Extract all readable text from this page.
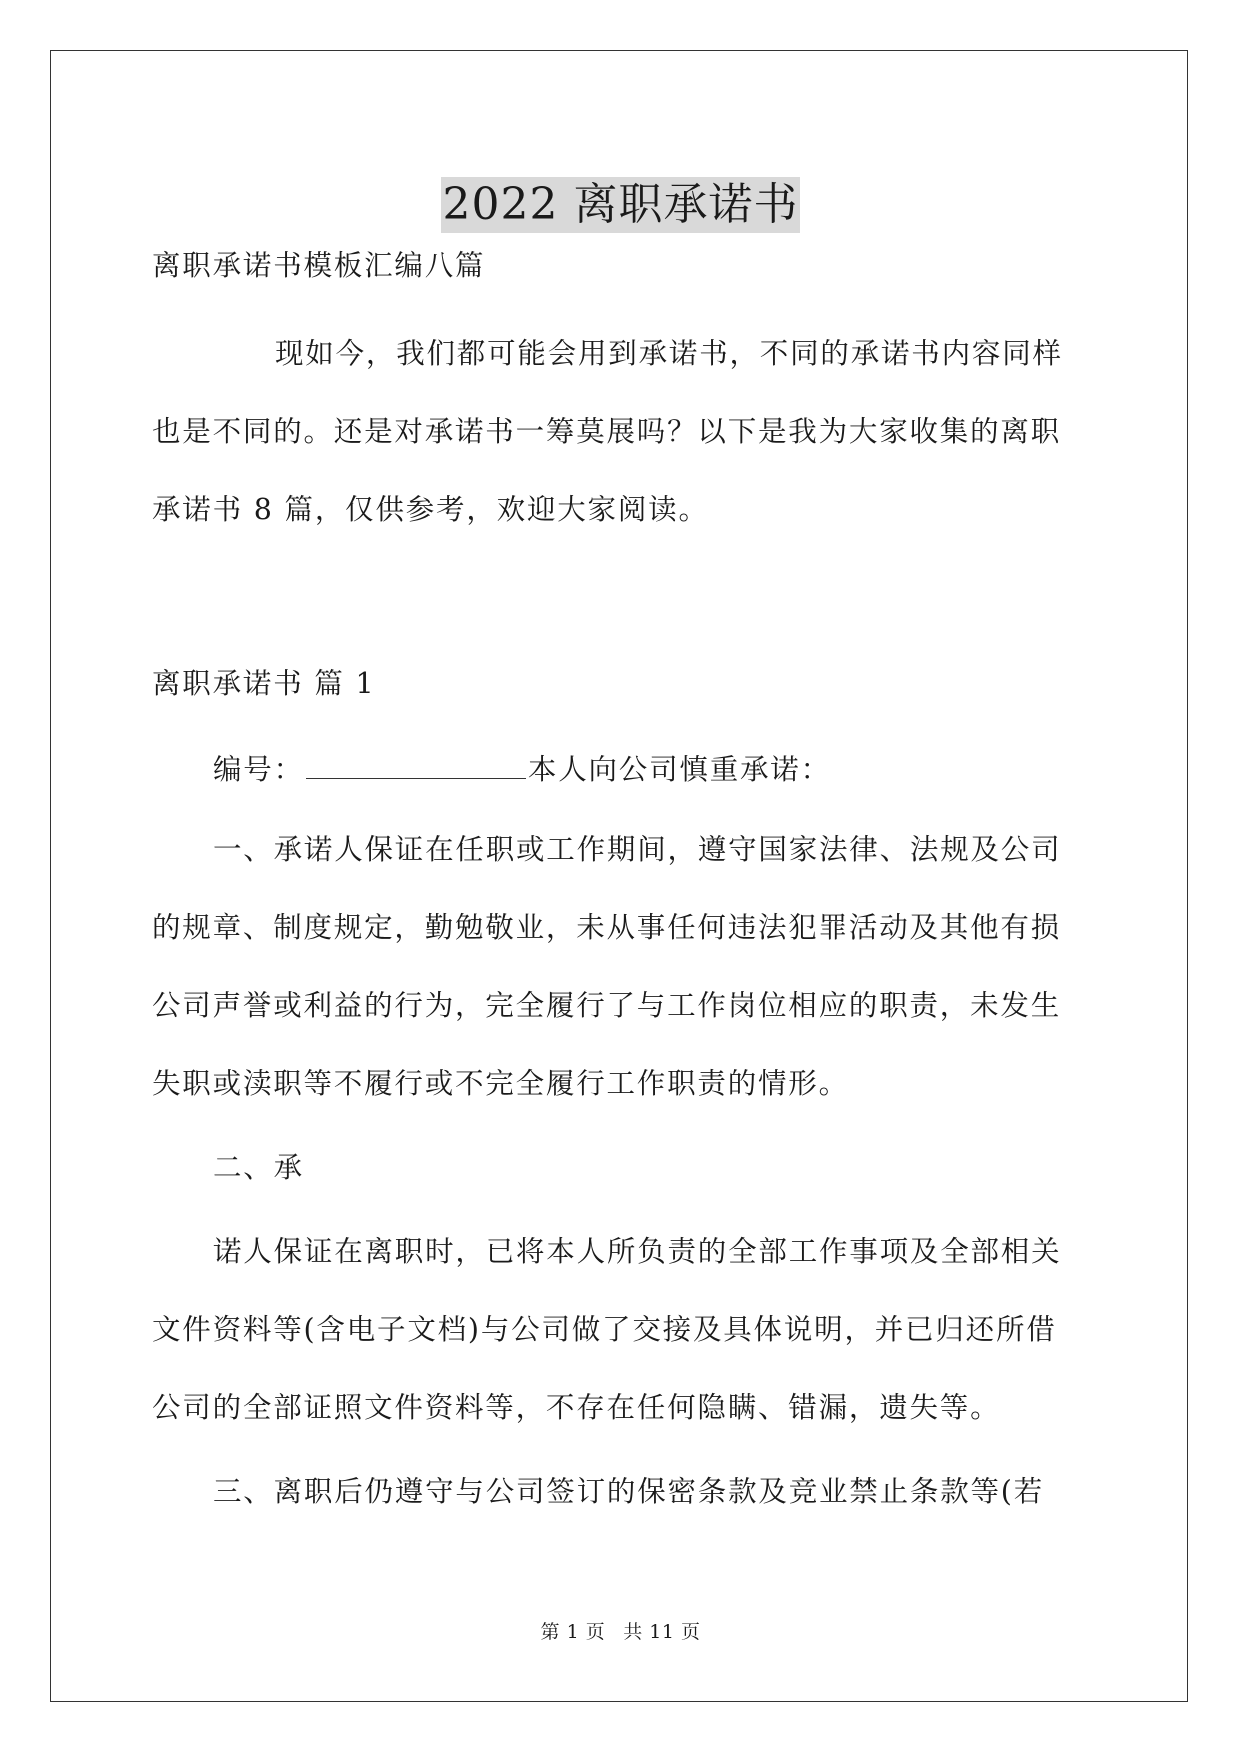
2022 离职承诺书
离职承诺书模板汇编八篇
现如今，我们都可能会用到承诺书，不同的承诺书内容同样
也是不同的。还是对承诺书一筹莫展吗？以下是我为大家收集的离职
承诺书 8 篇，仅供参考，欢迎大家阅读。
离职承诺书 篇 1
编号：	本人向公司慎重承诺：
一、承诺人保证在任职或工作期间，遵守国家法律、法规及公司
的规章、制度规定，勤勉敬业，未从事任何违法犯罪活动及其他有损
公司声誉或利益的行为，完全履行了与工作岗位相应的职责，未发生
失职或渎职等不履行或不完全履行工作职责的情形。
二、承
诺人保证在离职时，已将本人所负责的全部工作事项及全部相关
文件资料等(含电子文档)与公司做了交接及具体说明，并已归还所借
公司的全部证照文件资料等，不存在任何隐瞒、错漏，遗失等。
三、离职后仍遵守与公司签订的保密条款及竞业禁止条款等(若
第 1 页 共 11 页
